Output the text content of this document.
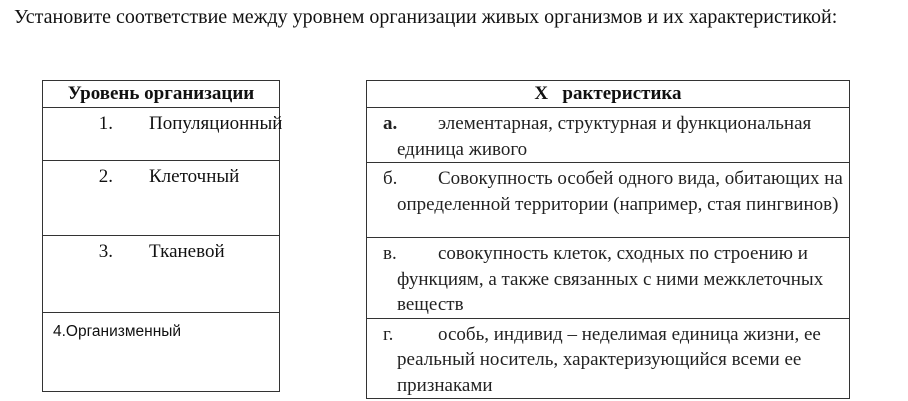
Установите соответствие между уровнем организации живых организмов и их характеристикой:

Уровень организации

1. Популяционный

2. Клеточный

3. Тканевой

4.Организменный
Х   рактеристика

а. элементарная, структурная и функциональная единица живого

б. Совокупность особей одного вида, обитающих на определенной территории (например, стая пингвинов)

в. совокупность клеток, сходных по строению и функциям, а также связанных с ними межклеточных веществ

г. особь, индивид – неделимая единица жизни, ее реальный носитель, характеризующийся всеми ее признаками
